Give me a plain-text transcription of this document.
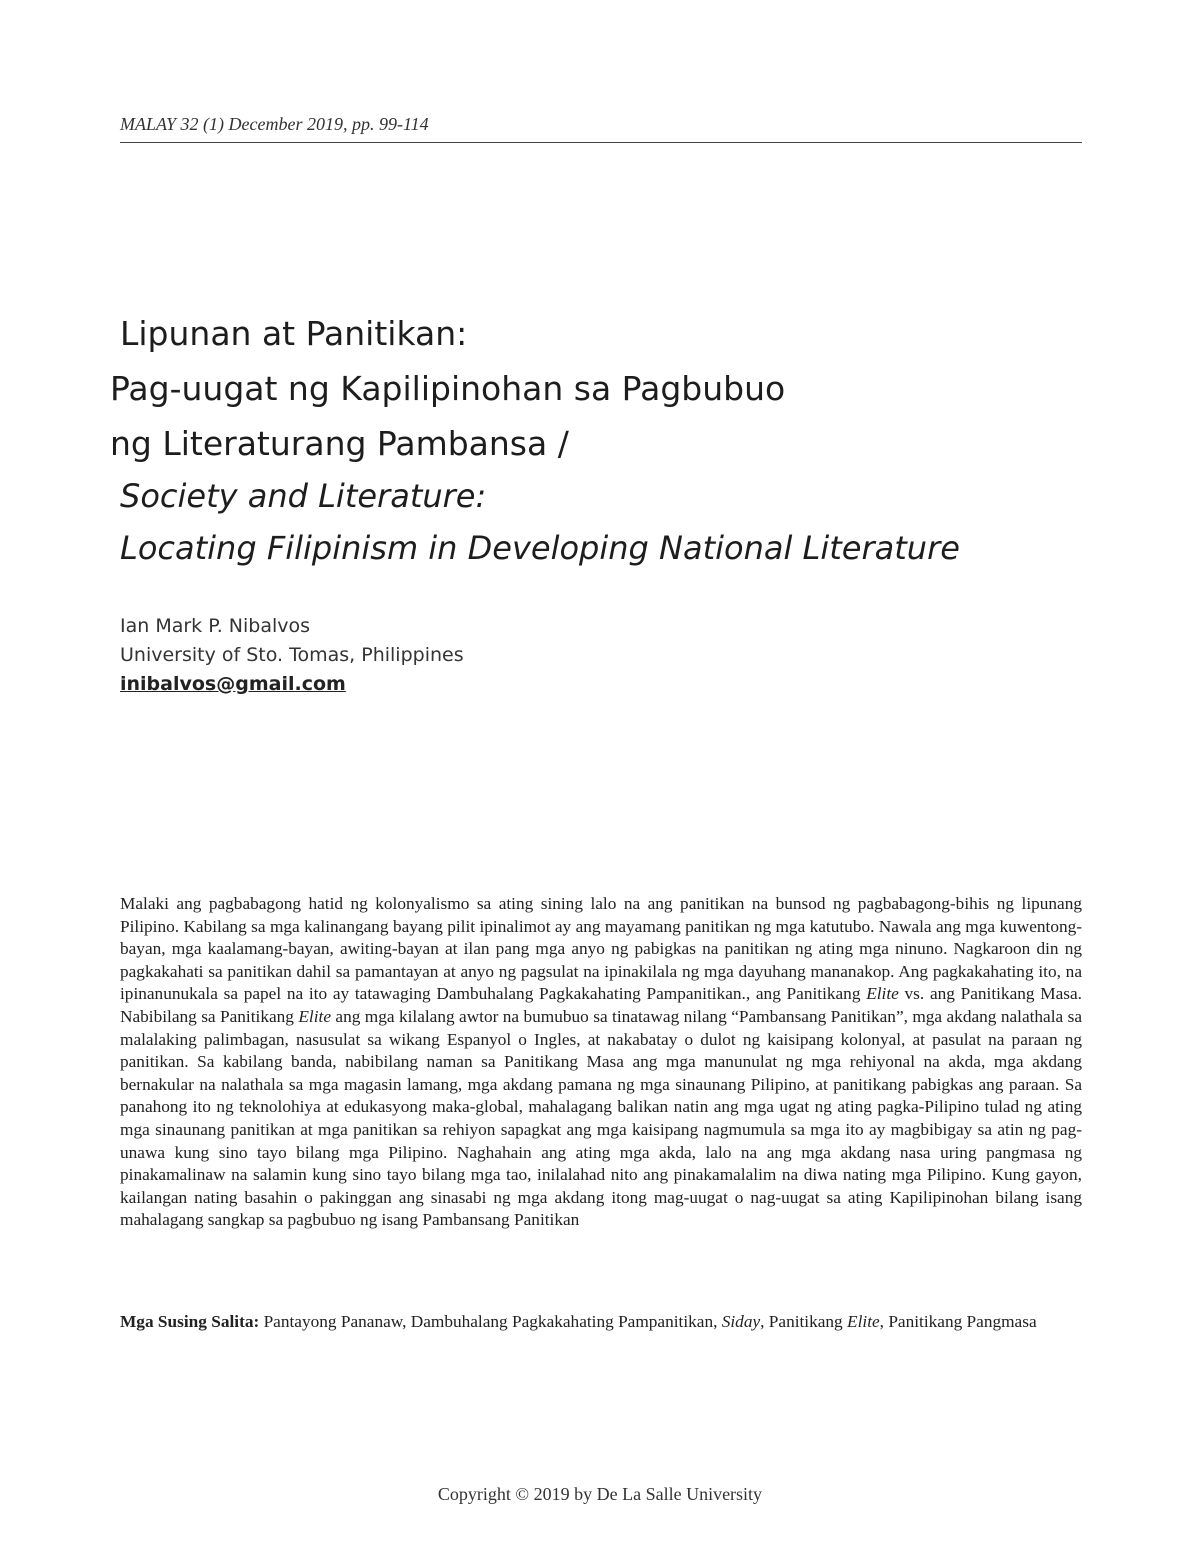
MALAY 32 (1) December 2019, pp. 99-114
Lipunan at Panitikan:
Pag-uugat ng Kapilipinohan sa Pagbubuo
ng Literaturang Pambansa /
Society and Literature:
Locating Filipinism in Developing National Literature
Ian Mark P. Nibalvos
University of Sto. Tomas, Philippines
inibalvos@gmail.com

Malaki ang pagbabagong hatid ng kolonyalismo sa ating sining lalo na ang panitikan na bunsod ng pagbabagong-bihis ng lipunang Pilipino. Kabilang sa mga kalinangang bayang pilit ipinalimot ay ang mayamang panitikan ng mga katutubo. Nawala ang mga kuwentong-bayan, mga kaalamang-bayan, awiting-bayan at ilan pang mga anyo ng pabigkas na panitikan ng ating mga ninuno. Nagkaroon din ng pagkakahati sa panitikan dahil sa pamantayan at anyo ng pagsulat na ipinakilala ng mga dayuhang mananakop. Ang pagkakahating ito, na ipinanunukala sa papel na ito ay tatawaging Dambuhalang Pagkakahating Pampanitikan., ang Panitikang Elite vs. ang Panitikang Masa. Nabibilang sa Panitikang Elite ang mga kilalang awtor na bumubuo sa tinatawag nilang “Pambansang Panitikan”, mga akdang nalathala sa malalaking palimbagan, nasusulat sa wikang Espanyol o Ingles, at nakabatay o dulot ng kaisipang kolonyal, at pasulat na paraan ng panitikan. Sa kabilang banda, nabibilang naman sa Panitikang Masa ang mga manunulat ng mga rehiyonal na akda, mga akdang bernakular na nalathala sa mga magasin lamang, mga akdang pamana ng mga sinaunang Pilipino, at panitikang pabigkas ang paraan. Sa panahong ito ng teknolohiya at edukasyong maka-global, mahalagang balikan natin ang mga ugat ng ating pagka-Pilipino tulad ng ating mga sinaunang panitikan at mga panitikan sa rehiyon sapagkat ang mga kaisipang nagmumula sa mga ito ay magbibigay sa atin ng pag-unawa kung sino tayo bilang mga Pilipino. Naghahain ang ating mga akda, lalo na ang mga akdang nasa uring pangmasa ng pinakamalinaw na salamin kung sino tayo bilang mga tao, inilalahad nito ang pinakamalalim na diwa nating mga Pilipino. Kung gayon, kailangan nating basahin o pakinggan ang sinasabi ng mga akdang itong mag-uugat o nag-uugat sa ating Kapilipinohan bilang isang mahalagang sangkap sa pagbubuo ng isang Pambansang Panitikan

Mga Susing Salita: Pantayong Pananaw, Dambuhalang Pagkakahating Pampanitikan, Siday, Panitikang Elite, Panitikang Pangmasa

Copyright © 2019 by De La Salle University
